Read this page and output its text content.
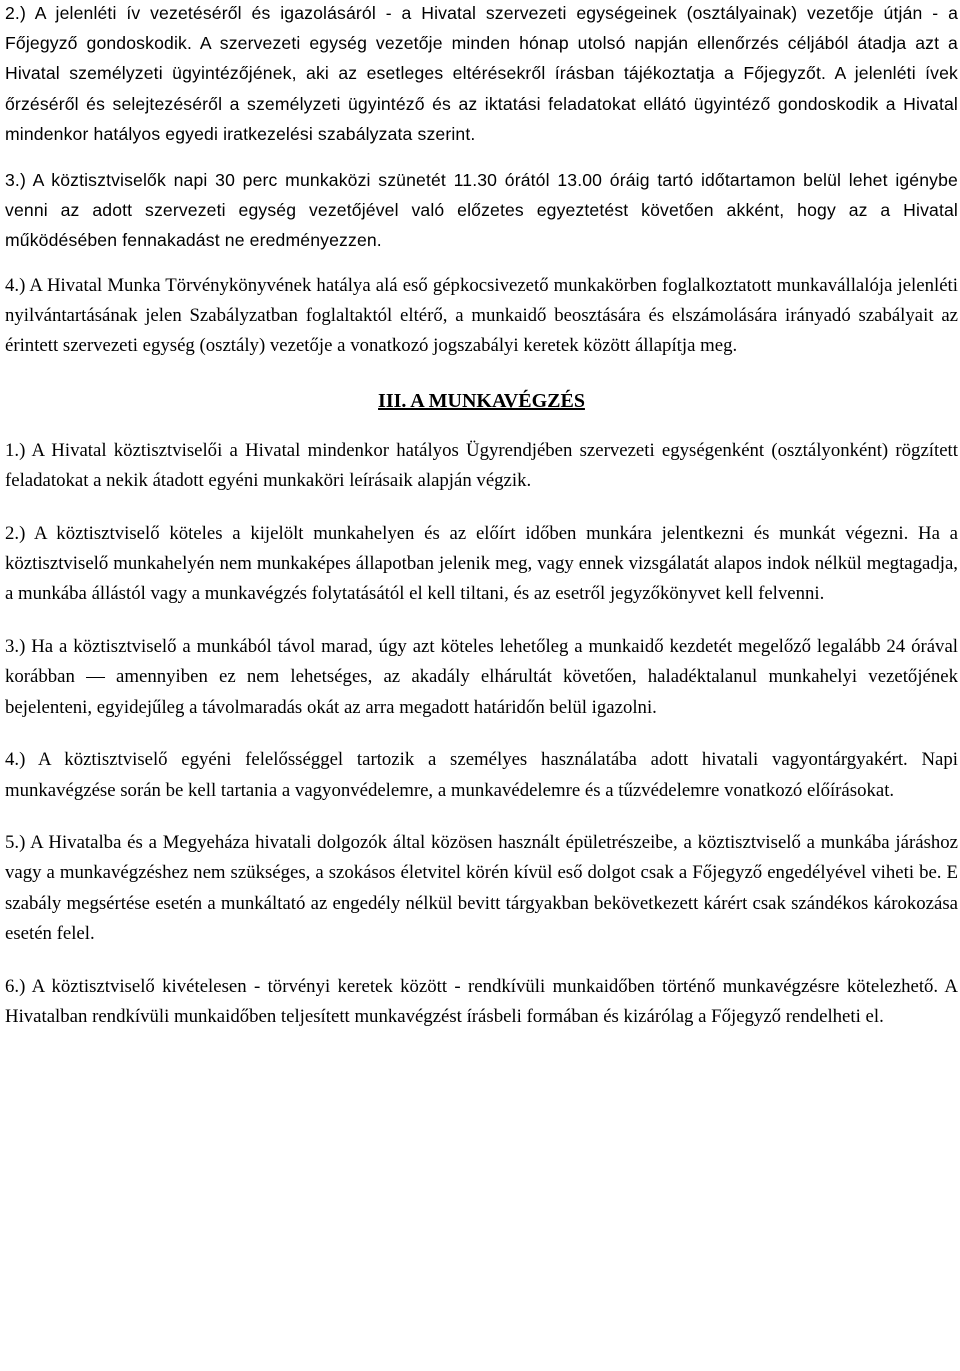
2.) A jelenléti ív vezetéséről és igazolásáról - a Hivatal szervezeti egységeinek (osztályainak) vezetője útján - a Főjegyző gondoskodik. A szervezeti egység vezetője minden hónap utolsó napján ellenőrzés céljából átadja azt a Hivatal személyzeti ügyintézőjének, aki az esetleges eltérésekről írásban tájékoztatja a Főjegyzőt. A jelenléti ívek őrzéséről és selejtezéséről a személyzeti ügyintéző és az iktatási feladatokat ellátó ügyintéző gondoskodik a Hivatal mindenkor hatályos egyedi iratkezelési szabályzata szerint.

3.) A köztisztviselők napi 30 perc munkaközi szünetét 11.30 órától 13.00 óráig tartó időtartamon belül lehet igénybe venni az adott szervezeti egység vezetőjével való előzetes egyeztetést követően akként, hogy az a Hivatal működésében fennakadást ne eredményezzen.

4.) A Hivatal Munka Törvénykönyvének hatálya alá eső gépkocsivezető munkakörben foglalkoztatott munkavállalója jelenléti nyilvántartásának jelen Szabályzatban foglaltaktól eltérő, a munkaidő beosztására és elszámolására irányadó szabályait az érintett szervezeti egység (osztály) vezetője a vonatkozó jogszabályi keretek között állapítja meg.

III. A MUNKAVÉGZÉS

1.) A Hivatal köztisztviselői a Hivatal mindenkor hatályos Ügyrendjében szervezeti egységenként (osztályonként) rögzített feladatokat a nekik átadott egyéni munkaköri leírásaik alapján végzik.

2.) A köztisztviselő köteles a kijelölt munkahelyen és az előírt időben munkára jelentkezni és munkát végezni. Ha a köztisztviselő munkahelyén nem munkaképes állapotban jelenik meg, vagy ennek vizsgálatát alapos indok nélkül megtagadja, a munkába állástól vagy a munkavégzés folytatásától el kell tiltani, és az esetről jegyzőkönyvet kell felvenni.

3.) Ha a köztisztviselő a munkából távol marad, úgy azt köteles lehetőleg a munkaidő kezdetét megelőző legalább 24 órával korábban — amennyiben ez nem lehetséges, az akadály elhárultát követően, haladéktalanul munkahelyi vezetőjének bejelenteni, egyidejűleg a távolmaradás okát az arra megadott határidőn belül igazolni.

4.) A köztisztviselő egyéni felelősséggel tartozik a személyes használatába adott hivatali vagyontárgyakért. Napi munkavégzése során be kell tartania a vagyonvédelemre, a munkavédelemre és a tűzvédelemre vonatkozó előírásokat.

5.) A Hivatalba és a Megyeháza hivatali dolgozók által közösen használt épületrészeibe, a köztisztviselő a munkába járáshoz vagy a munkavégzéshez nem szükséges, a szokásos életvitel körén kívül eső dolgot csak a Főjegyző engedélyével viheti be. E szabály megsértése esetén a munkáltató az engedély nélkül bevitt tárgyakban bekövetkezett kárért csak szándékos károkozása esetén felel.

6.) A köztisztviselő kivételesen - törvényi keretek között - rendkívüli munkaidőben történő munkavégzésre kötelezhető. A Hivatalban rendkívüli munkaidőben teljesített munkavégzést írásbeli formában és kizárólag a Főjegyző rendelheti el.
